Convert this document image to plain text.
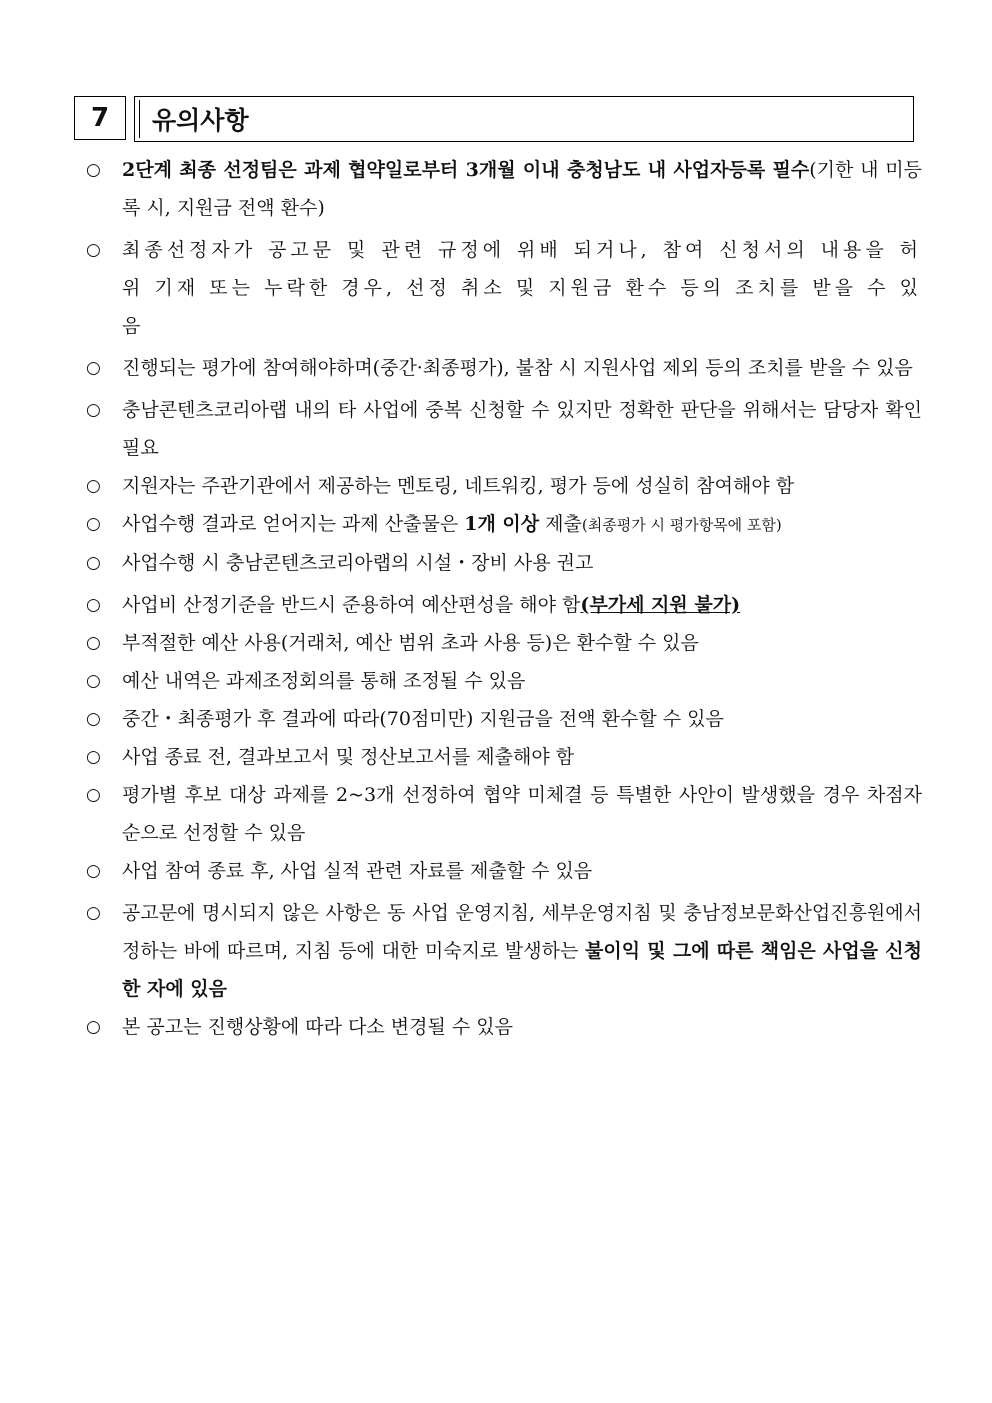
7	유의사항
○ 2단계 최종 선정팀은 과제 협약일로부터 3개월 이내 충청남도 내 사업자등록 필수(기한 내 미등록 시, 지원금 전액 환수)
○ 최종선정자가 공고문 및 관련 규정에 위배 되거나, 참여 신청서의 내용을 허위 기재 또는 누락한 경우, 선정 취소 및 지원금 환수 등의 조치를 받을 수 있음
○ 진행되는 평가에 참여해야하며(중간·최종평가), 불참 시 지원사업 제외 등의 조치를 받을 수 있음
○ 충남콘텐츠코리아랩 내의 타 사업에 중복 신청할 수 있지만 정확한 판단을 위해서는 담당자 확인 필요
○ 지원자는 주관기관에서 제공하는 멘토링, 네트워킹, 평가 등에 성실히 참여해야 함
○ 사업수행 결과로 얻어지는 과제 산출물은 1개 이상 제출(최종평가 시 평가항목에 포함)
○ 사업수행 시 충남콘텐츠코리아랩의 시설・장비 사용 권고
○ 사업비 산정기준을 반드시 준용하여 예산편성을 해야 함(부가세 지원 불가)
○ 부적절한 예산 사용(거래처, 예산 범위 초과 사용 등)은 환수할 수 있음
○ 예산 내역은 과제조정회의를 통해 조정될 수 있음
○ 중간・최종평가 후 결과에 따라(70점미만) 지원금을 전액 환수할 수 있음
○ 사업 종료 전, 결과보고서 및 정산보고서를 제출해야 함
○ 평가별 후보 대상 과제를 2~3개 선정하여 협약 미체결 등 특별한 사안이 발생했을 경우 차점자 순으로 선정할 수 있음
○ 사업 참여 종료 후, 사업 실적 관련 자료를 제출할 수 있음
○ 공고문에 명시되지 않은 사항은 동 사업 운영지침, 세부운영지침 및 충남정보문화산업진흥원에서 정하는 바에 따르며, 지침 등에 대한 미숙지로 발생하는 불이익 및 그에 따른 책임은 사업을 신청한 자에 있음
○ 본 공고는 진행상황에 따라 다소 변경될 수 있음
